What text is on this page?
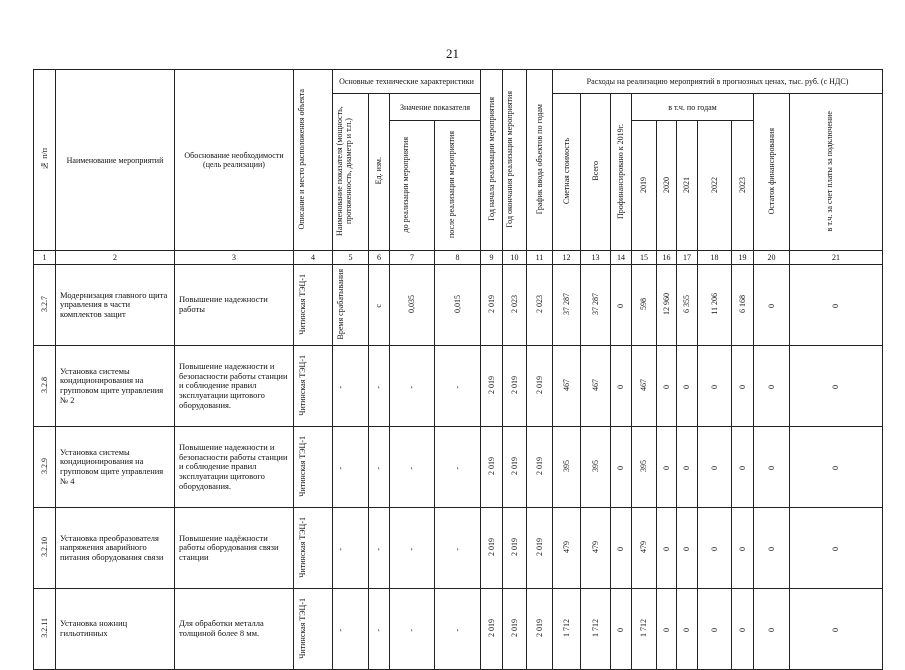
21
№ п/п	Наименование мероприятий	Обоснование необходимости (цель реализации)	Описание и место расположения объекта	Основные технические характеристики				Год начала реализации мероприятия	Год окончания реализации мероприятия	График ввода объектов по годам	Расходы на реализацию мероприятий в прогнозных ценах, тыс. руб. (с НДС)									
				Наименование показателя (мощность, протяженность, диаметр и т.п.)	Ед. изм.	Значение показателя					Сметная стоимость	Всего	Профинансировано к 2019г.	в т.ч. по годам					Остаток финансирования	в т.ч. за счет платы за подключение
						до реализации мероприятия	после реализации мероприятия							2019	2020	2021	2022	2023		
1	2	3	4	5	6	7	8	9	10	11	12	13	14	15	16	17	18	19	20	21
3.2.7	Модернизация главного щита управления в части комплектов защит	Повышение надежности работы	Читинская ТЭЦ-1	Время срабатывания	с	0,035	0,015	2 019	2 023	2 023	37 287	37 287	0	598	12 960	6 355	11 206	6 168	0	0
3.2.8	Установка системы кондиционирования на групповом щите управления № 2	Повышение надежности и безопасности работы станции и соблюдение правил эксплуатации щитового оборудования.	Читинская ТЭЦ-1	-	-	-	-	2 019	2 019	2 019	467	467	0	467	0	0	0	0	0	0
3.2.9	Установка системы кондиционирования на групповом щите управления № 4	Повышение надежности и безопасности работы станции и соблюдение правил эксплуатации щитового оборудования.	Читинская ТЭЦ-1	-	-	-	-	2 019	2 019	2 019	395	395	0	395	0	0	0	0	0	0
3.2.10	Установка преобразователя напряжения аварийного питания оборудования связи	Повышение надёжности работы оборудования связи станции	Читинская ТЭЦ-1	-	-	-	-	2 019	2 019	2 019	479	479	0	479	0	0	0	0	0	0
3.2.11	Установка ножниц гильотинных	Для обработки металла толщиной более 8 мм.	Читинская ТЭЦ-1	-	-	-	-	2 019	2 019	2 019	1 712	1 712	0	1 712	0	0	0	0	0	0
